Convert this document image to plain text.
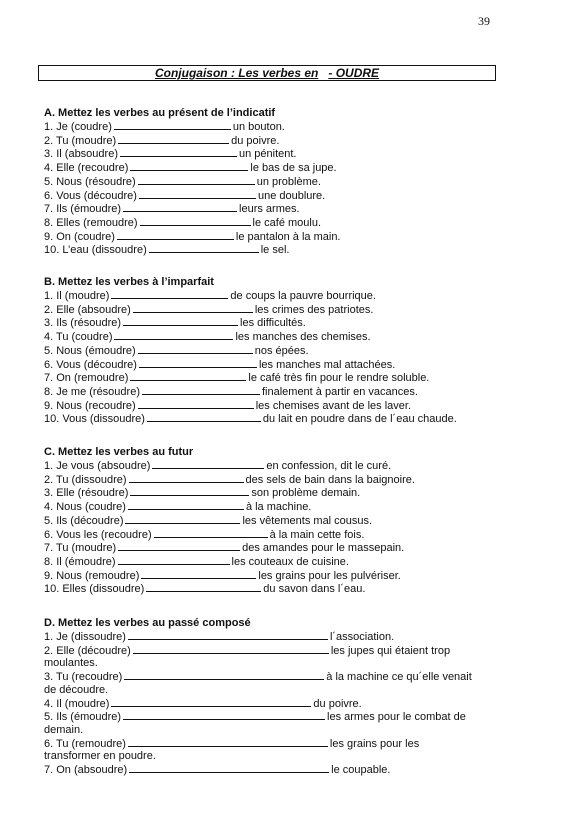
39
Conjugaison : Les verbes en - OUDRE
A. Mettez les verbes au présent de l’indicatif
1. Je (coudre)	un bouton.
2. Tu (moudre)	du poivre.
3. Il (absoudre)	un pénitent.
4. Elle (recoudre)	le bas de sa jupe.
5. Nous (résoudre)	un problème.
6. Vous (découdre)	une doublure.
7. Ils (émoudre)	leurs armes.
8. Elles (remoudre)	le café moulu.
9. On (coudre)	le pantalon à la main.
10. L’eau (dissoudre)	le sel.
B. Mettez les verbes à l’imparfait
1. Il (moudre)	de coups la pauvre bourrique.
2. Elle (absoudre)	les crimes des patriotes.
3. Ils (résoudre)	les difficultés.
4. Tu (coudre)	les manches des chemises.
5. Nous (émoudre)	nos épées.
6. Vous (découdre)	les manches mal attachées.
7. On (remoudre)	le café très fin pour le rendre soluble.
8. Je me (résoudre)	finalement à partir en vacances.
9. Nous (recoudre)	les chemises avant de les laver.
10. Vous (dissoudre)	du lait en poudre dans de l´eau chaude.
C. Mettez les verbes au futur
1. Je vous (absoudre)	en confession, dit le curé.
2. Tu (dissoudre)	des sels de bain dans la baignoire.
3. Elle (résoudre)	son problème demain.
4. Nous (coudre)	à la machine.
5. Ils (découdre)	les vêtements mal cousus.
6. Vous les (recoudre)	à la main cette fois.
7. Tu (moudre)	des amandes pour le massepain.
8. Il (émoudre)	les couteaux de cuisine.
9. Nous (remoudre)	les grains pour les pulvériser.
10. Elles (dissoudre)	du savon dans l´eau.
D. Mettez les verbes au passé composé
1. Je (dissoudre)	l´association.
2. Elle (découdre)	les jupes qui étaient trop
moulantes.
3. Tu (recoudre)	à la machine ce qu´elle venait
de découdre.
4. Il (moudre)	du poivre.
5. Ils (émoudre)	les armes pour le combat de
demain.
6. Tu (remoudre)	les grains pour les
transformer en poudre.
7. On (absoudre)	le coupable.
